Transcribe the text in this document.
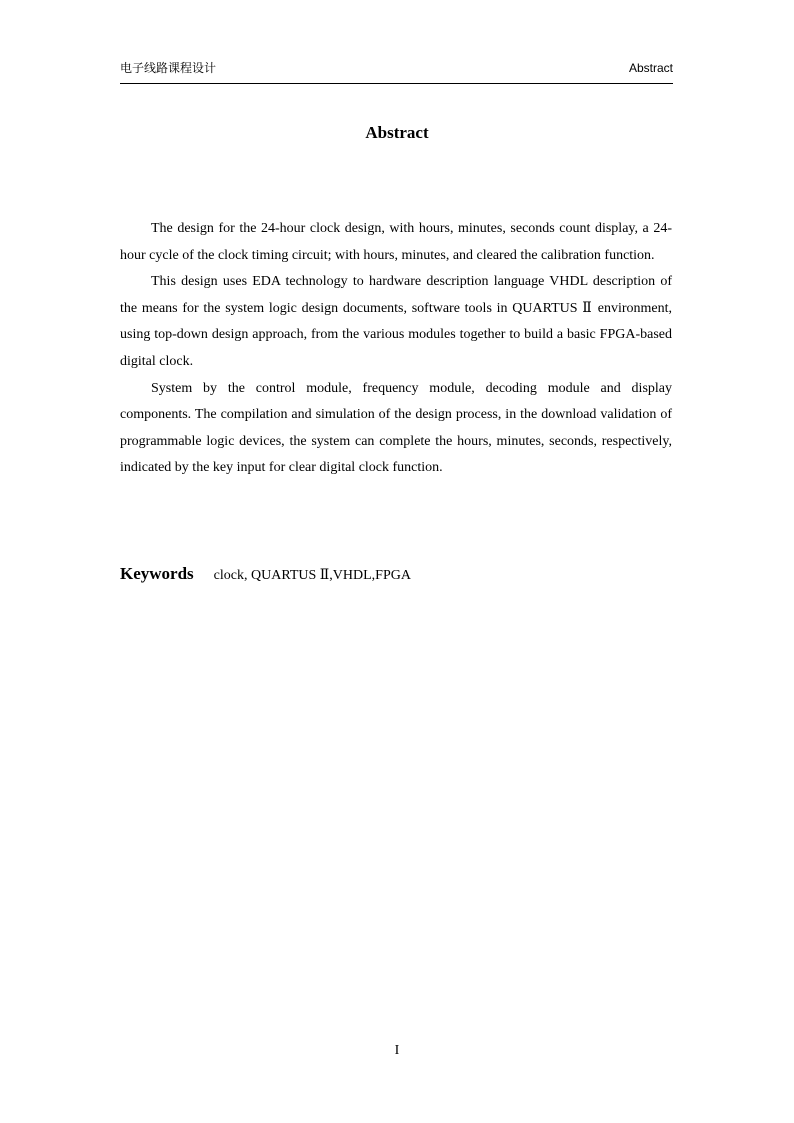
电子线路课程设计	Abstract
Abstract

The design for the 24-hour clock design, with hours, minutes, seconds count display, a 24-hour cycle of the clock timing circuit; with hours, minutes, and cleared the calibration function.

This design uses EDA technology to hardware description language VHDL description of the means for the system logic design documents, software tools in QUARTUS Ⅱ environment, using top-down design approach, from the various modules together to build a basic FPGA-based digital clock.

System by the control module, frequency module, decoding module and display components. The compilation and simulation of the design process, in the download validation of programmable logic devices, the system can complete the hours, minutes, seconds, respectively, indicated by the key input for clear digital clock function.

Keywords clock, QUARTUS Ⅱ,VHDL,FPGA
I
